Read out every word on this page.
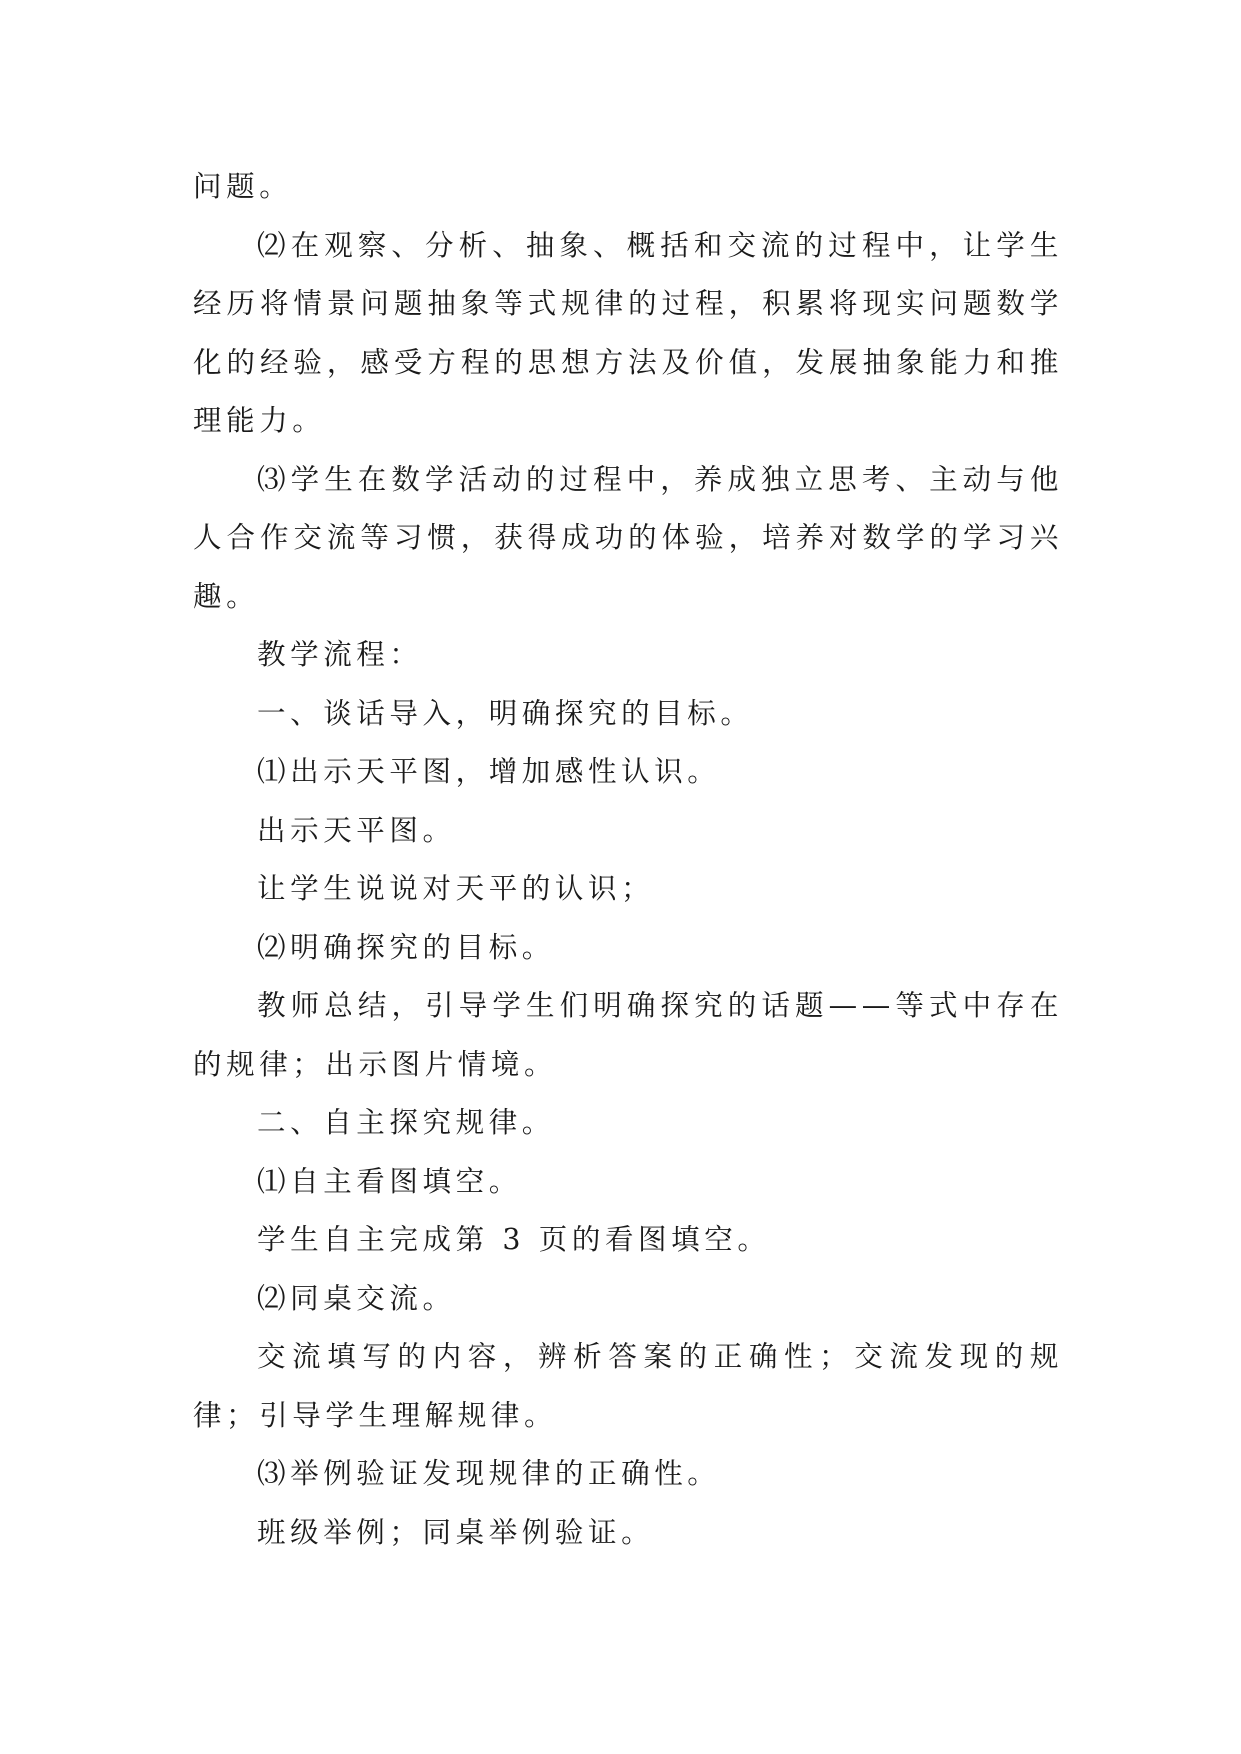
问题。

⑵在观察、分析、抽象、概括和交流的过程中，让学生经历将情景问题抽象等式规律的过程，积累将现实问题数学化的经验，感受方程的思想方法及价值，发展抽象能力和推理能力。

⑶学生在数学活动的过程中，养成独立思考、主动与他人合作交流等习惯，获得成功的体验，培养对数学的学习兴趣。

教学流程：

一、谈话导入，明确探究的目标。

⑴出示天平图，增加感性认识。

出示天平图。

让学生说说对天平的认识；

⑵明确探究的目标。

教师总结，引导学生们明确探究的话题——等式中存在的规律；出示图片情境。

二、自主探究规律。

⑴自主看图填空。

学生自主完成第 3 页的看图填空。

⑵同桌交流。

交流填写的内容，辨析答案的正确性；交流发现的规律；引导学生理解规律。

⑶举例验证发现规律的正确性。

班级举例；同桌举例验证。
